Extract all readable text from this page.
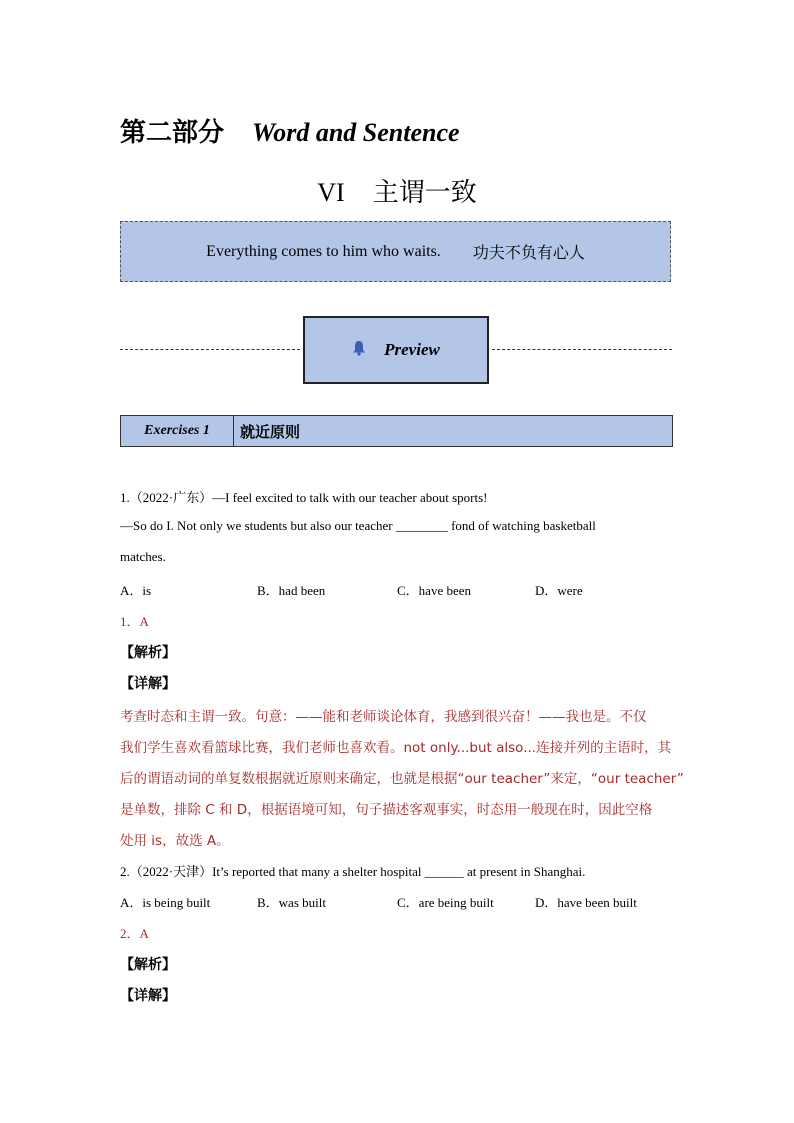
第二部分 Word and Sentence
VI 主谓一致
Everything comes to him who waits. 功夫不负有心人
Preview
Exercises 1	就近原则
1.（2022·广东）—I feel excited to talk with our teacher about sports!
—So do I. Not only we students but also our teacher ________ fond of watching basketball
matches.
A．is	B．had been	C．have been	D．were
1．A
【解析】
【详解】
考查时态和主谓一致。句意：——能和老师谈论体育，我感到很兴奋！——我也是。不仅
我们学生喜欢看篮球比赛，我们老师也喜欢看。not only...but also...连接并列的主语时，其
后的谓语动词的单复数根据就近原则来确定，也就是根据“our teacher”来定，“our teacher”
是单数，排除 C 和 D，根据语境可知，句子描述客观事实，时态用一般现在时，因此空格
处用 is，故选 A。
2.（2022·天津）It’s reported that many a shelter hospital ______ at present in Shanghai.
A．is being built	B．was built	C．are being built	D．have been built
2．A
【解析】
【详解】
